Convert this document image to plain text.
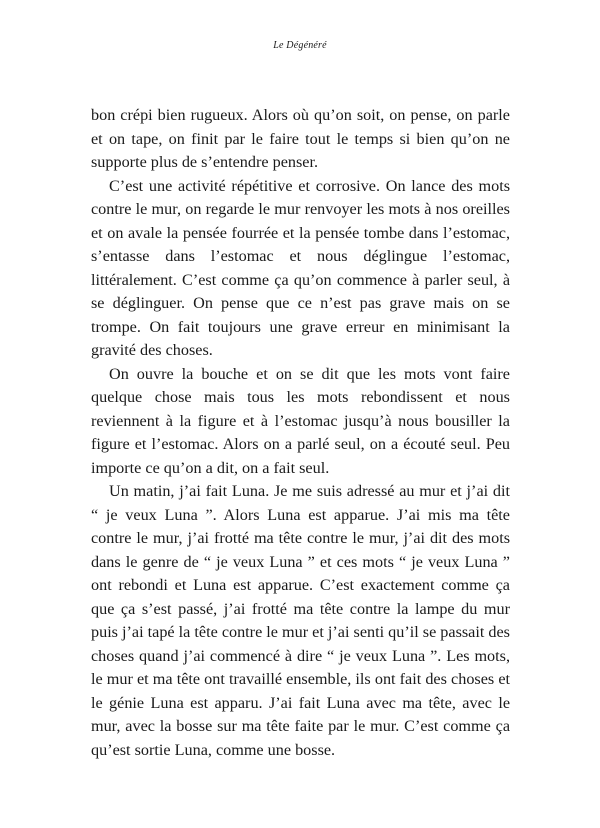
Le Dégénéré

bon crépi bien rugueux. Alors où qu’on soit, on pense, on parle et on tape, on finit par le faire tout le temps si bien qu’on ne supporte plus de s’entendre penser.

C’est une activité répétitive et corrosive. On lance des mots contre le mur, on regarde le mur renvoyer les mots à nos oreilles et on avale la pensée fourrée et la pensée tombe dans l’estomac, s’entasse dans l’estomac et nous déglingue l’estomac, littéralement. C’est comme ça qu’on commence à parler seul, à se déglinguer. On pense que ce n’est pas grave mais on se trompe. On fait toujours une grave erreur en minimisant la gravité des choses.

On ouvre la bouche et on se dit que les mots vont faire quelque chose mais tous les mots rebondissent et nous reviennent à la figure et à l’estomac jusqu’à nous bousiller la figure et l’estomac. Alors on a parlé seul, on a écouté seul. Peu importe ce qu’on a dit, on a fait seul.

Un matin, j’ai fait Luna. Je me suis adressé au mur et j’ai dit “ je veux Luna ”. Alors Luna est apparue. J’ai mis ma tête contre le mur, j’ai frotté ma tête contre le mur, j’ai dit des mots dans le genre de “ je veux Luna ” et ces mots “ je veux Luna ” ont rebondi et Luna est apparue. C’est exactement comme ça que ça s’est passé, j’ai frotté ma tête contre la lampe du mur puis j’ai tapé la tête contre le mur et j’ai senti qu’il se passait des choses quand j’ai commencé à dire “ je veux Luna ”. Les mots, le mur et ma tête ont travaillé ensemble, ils ont fait des choses et le génie Luna est apparu. J’ai fait Luna avec ma tête, avec le mur, avec la bosse sur ma tête faite par le mur. C’est comme ça qu’est sortie Luna, comme une bosse.
